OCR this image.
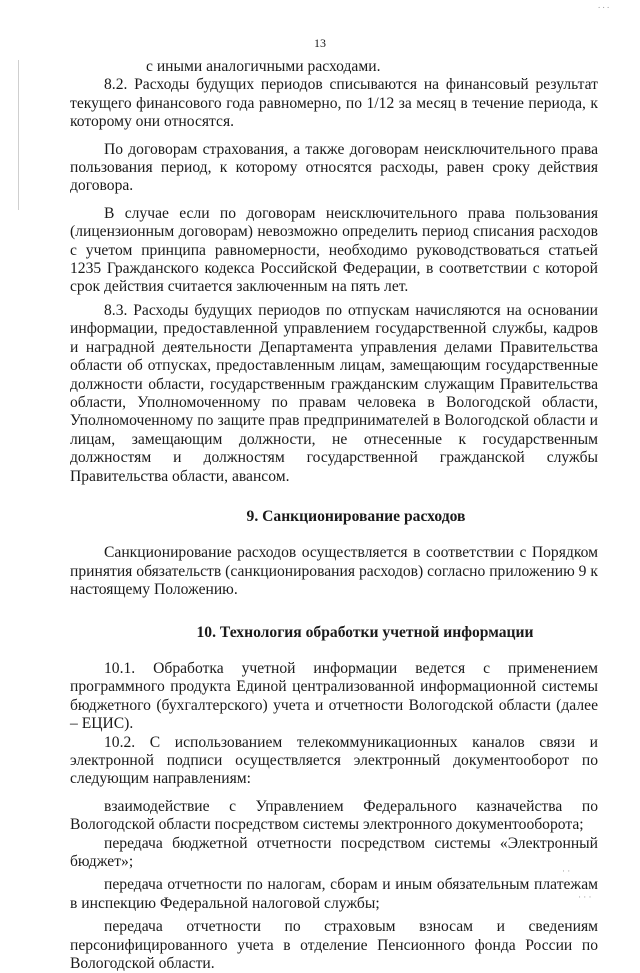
13
. . .
· ·
· · ·

с иными аналогичными расходами.

8.2. Расходы будущих периодов списываются на финансовый результат текущего финансового года равномерно, по 1/12 за месяц в течение периода, к которому они относятся.

По договорам страхования, а также договорам неисключительного права пользования период, к которому относятся расходы, равен сроку действия договора.

В случае если по договорам неисключительного права пользования (лицензионным договорам) невозможно определить период списания расходов с учетом принципа равномерности, необходимо руководствоваться статьей 1235 Гражданского кодекса Российской Федерации, в соответствии с которой срок действия считается заключенным на пять лет.

8.3. Расходы будущих периодов по отпускам начисляются на основании информации, предоставленной управлением государственной службы, кадров и наградной деятельности Департамента управления делами Правительства области об отпусках, предоставленным лицам, замещающим государственные должности области, государственным гражданским служащим Правительства области, Уполномоченному по правам человека в Вологодской области, Уполномоченному по защите прав предпринимателей в Вологодской области и лицам, замещающим должности, не отнесенные к государственным должностям и должностям государственной гражданской службы Правительства области, авансом.

9. Санкционирование расходов

Санкционирование расходов осуществляется в соответствии с Порядком принятия обязательств (санкционирования расходов) согласно приложению 9 к настоящему Положению.

10. Технология обработки учетной информации

10.1. Обработка учетной информации ведется с применением программного продукта Единой централизованной информационной системы бюджетного (бухгалтерского) учета и отчетности Вологодской области (далее – ЕЦИС).

10.2. С использованием телекоммуникационных каналов связи и электронной подписи осуществляется электронный документооборот по следующим направлениям:

взаимодействие с Управлением Федерального казначейства по Вологодской области посредством системы электронного документооборота;

передача бюджетной отчетности посредством системы «Электронный бюджет»;

передача отчетности по налогам, сборам и иным обязательным платежам в инспекцию Федеральной налоговой службы;

передача отчетности по страховым взносам и сведениям персонифицированного учета в отделение Пенсионного фонда России по Вологодской области.
